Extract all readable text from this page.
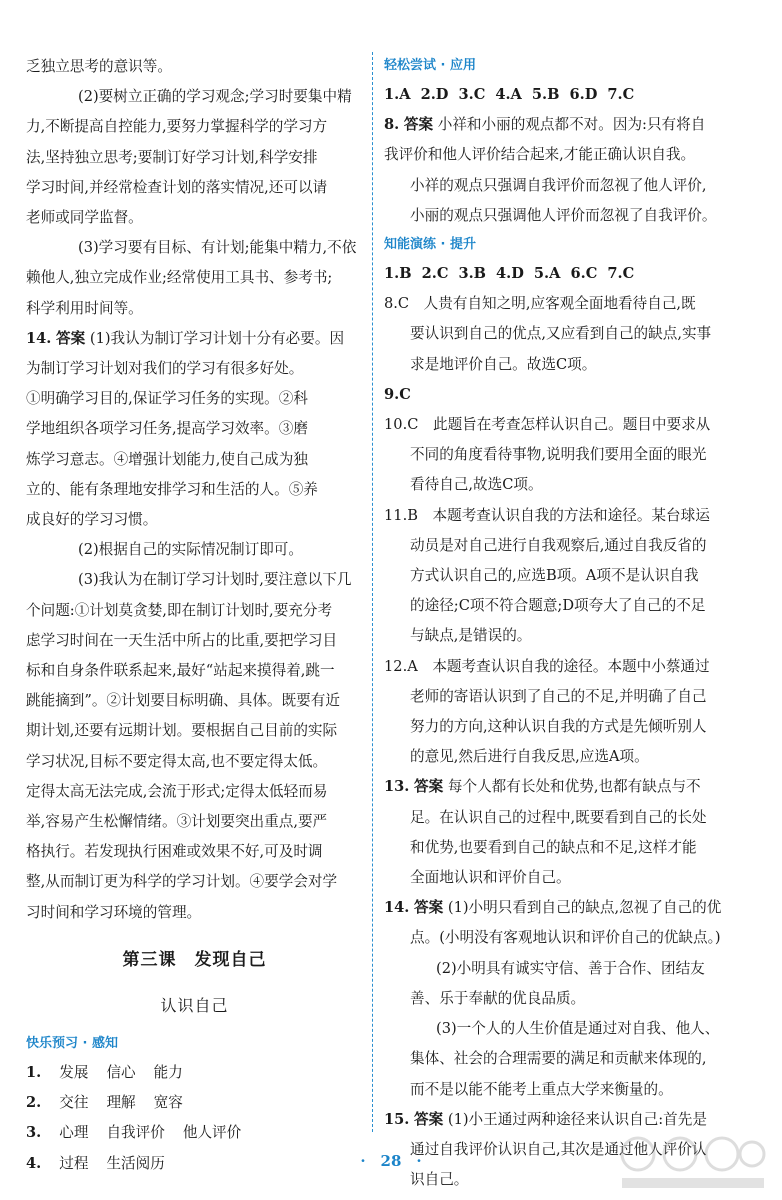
乏独立思考的意识等。
(2)要树立正确的学习观念;学习时要集中精
力,不断提高自控能力,要努力掌握科学的学习方
法,坚持独立思考;要制订好学习计划,科学安排
学习时间,并经常检查计划的落实情况,还可以请
老师或同学监督。
(3)学习要有目标、有计划;能集中精力,不依
赖他人,独立完成作业;经常使用工具书、参考书;
科学利用时间等。
14. 答案 (1)我认为制订学习计划十分有必要。因
为制订学习计划对我们的学习有很多好处。
①明确学习目的,保证学习任务的实现。②科
学地组织各项学习任务,提高学习效率。③磨
炼学习意志。④增强计划能力,使自己成为独
立的、能有条理地安排学习和生活的人。⑤养
成良好的学习习惯。
(2)根据自己的实际情况制订即可。
(3)我认为在制订学习计划时,要注意以下几
个问题:①计划莫贪婪,即在制订计划时,要充分考
虑学习时间在一天生活中所占的比重,要把学习目
标和自身条件联系起来,最好“站起来摸得着,跳一
跳能摘到”。②计划要目标明确、具体。既要有近
期计划,还要有远期计划。要根据自己目前的实际
学习状况,目标不要定得太高,也不要定得太低。
定得太高无法完成,会流于形式;定得太低轻而易
举,容易产生松懈情绪。③计划要突出重点,要严
格执行。若发现执行困难或效果不好,可及时调
整,从而制订更为科学的学习计划。④要学会对学
习时间和学习环境的管理。
第三课　发现自己
认识自己
快乐预习 · 感知
1. 发展 信心 能力
2. 交往 理解 宽容
3. 心理 自我评价 他人评价
4. 过程 生活阅历
轻松尝试 · 应用
1.A 2.D 3.C 4.A 5.B 6.D 7.C
8. 答案 小祥和小丽的观点都不对。因为:只有将自
我评价和他人评价结合起来,才能正确认识自我。
小祥的观点只强调自我评价而忽视了他人评价,
小丽的观点只强调他人评价而忽视了自我评价。
知能演练 · 提升
1.B 2.C 3.B 4.D 5.A 6.C 7.C
8.C　人贵有自知之明,应客观全面地看待自己,既
要认识到自己的优点,又应看到自己的缺点,实事
求是地评价自己。故选C项。
9.C
10.C　此题旨在考查怎样认识自己。题目中要求从
不同的角度看待事物,说明我们要用全面的眼光
看待自己,故选C项。
11.B　本题考查认识自我的方法和途径。某台球运
动员是对自己进行自我观察后,通过自我反省的
方式认识自己的,应选B项。A项不是认识自我
的途径;C项不符合题意;D项夸大了自己的不足
与缺点,是错误的。
12.A　本题考查认识自我的途径。本题中小蔡通过
老师的寄语认识到了自己的不足,并明确了自己
努力的方向,这种认识自我的方式是先倾听别人
的意见,然后进行自我反思,应选A项。
13. 答案 每个人都有长处和优势,也都有缺点与不
足。在认识自己的过程中,既要看到自己的长处
和优势,也要看到自己的缺点和不足,这样才能
全面地认识和评价自己。
14. 答案 (1)小明只看到自己的缺点,忽视了自己的优
点。(小明没有客观地认识和评价自己的优缺点。)
(2)小明具有诚实守信、善于合作、团结友
善、乐于奉献的优良品质。
(3)一个人的人生价值是通过对自我、他人、
集体、社会的合理需要的满足和贡献来体现的,
而不是以能不能考上重点大学来衡量的。
15. 答案 (1)小王通过两种途径来认识自己:首先是
通过自我评价认识自己,其次是通过他人评价认
识自己。
·　28　·
